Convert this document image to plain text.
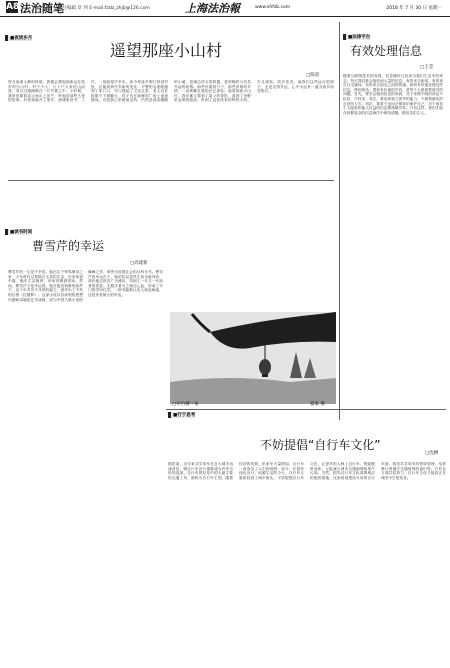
A8 法治随笔
责任编辑 章 剑 E-mail:fzsb_zhjb@126.com	上海法治報	www.shfzb.com	2018 年 7 月 30 日 星期一
■夜读乡月
遥望那座小山村
□陈晨
每当夜深人静的时候，我便会想起那座远在故乡的小山村。村子不大，几十户人家依山而建，青瓦白墙掩映在一片竹林之中。小时候，我常常跟着祖父到山上放牛，听他讲那些古老的故事。后来我离开了家乡，到城里读书、工作，一晃就是许多年。如今每逢节假日回到村里，总能看到许多新的变化：平整的水泥路通到了家门口，村口建起了文化礼堂，老人们在树荫下下棋聊天，孩子们在新修的广场上追逐嬉戏。可是我心里最惦念的，仍然是那条蜿蜒的小溪，是溪边洗衣的阿婆，是傍晚时分袅袅升起的炊烟。那些朴素的日子，那些淳厚的乡情，一直珍藏在我的记忆深处。遥望那座小山村，我仿佛又看到了祖父的背影，看到了田野里金黄的稻浪，听到了远处传来的阵阵犬吠。岁月流转，故乡依旧，而我们这些远行的游子，无论走得多远，心中永远有一盏为故乡而亮的灯。
■法律平台
有效处理信息
□王莹
随着互联网技术的发展，信息爆炸已经成为我们生活中的常态。每天我们都会接收到大量的信息，有的来自新闻，有的来自社交媒体，有的来自朋友之间的传递。如何有效地处理这些信息，辨别真伪，提取有价值的内容，是每个人都需要面对的问题。首先，要学会甄别信息的来源，对于来路不明的消息不轻信、不转发；其次，要培养独立思考的能力，不被情绪化的言论所左右；再次，要善于运用法律知识保护自己，对于涉及个人隐私和他人权益的信息要谨慎对待。只有这样，我们才能在纷繁复杂的信息海洋中保持清醒，做信息的主人。
■读书时间
曹雪芹的幸运
□高建新
曹雪芹的一生是不幸的。他出生于钟鸣鼎食之家，少年时代过着锦衣玉食的生活，后来家道中落，晚年生活困顿，举家食粥酒常赊。然而，曹雪芹又是幸运的。他在极其艰难的条件下，以十年辛苦不寻常的毅力，创作出了不朽的巨著《红楼梦》。这部小说以其深刻的思想内涵和卓越的艺术成就，成为中国古典小说的巅峰之作，被誉为封建社会的百科全书。曹雪芹的幸运在于，他的作品虽然生前未能刊印，却在他去世后广为流传，得到了一代又一代读者的喜爱。无数学者为之倾注心血，形成了专门的学问红学。一部书能够让后人如此痴迷，这是作者最大的幸运。
□亭台楼一角	夏家 摄
■行于思考
不妨提倡“自行车文化”
□沈栖
据报道，近年来共享单车在各大城市迅速普及，骑自行车出行重新成为许多市民的选择。自行车曾经是中国人最主要的交通工具，被称为自行车王国。随着经济的发展，私家车大量增加，自行车一度淡出了人们的视野。如今，在倡导绿色出行、低碳生活的今天，自行车又重新回到了城市街头。不妨提倡自行车文化，让更多的人骑上自行车，既能锻炼身体，又能减少城市交通拥堵和尾气污染。当然，倡导自行车文化需要相应的配套措施，比如规划建设专用的自行车道，规范共享单车的停放管理，培养骑行者遵守交通规则的意识等。只有各方面共同努力，自行车文化才能真正在城市中生根发芽。
